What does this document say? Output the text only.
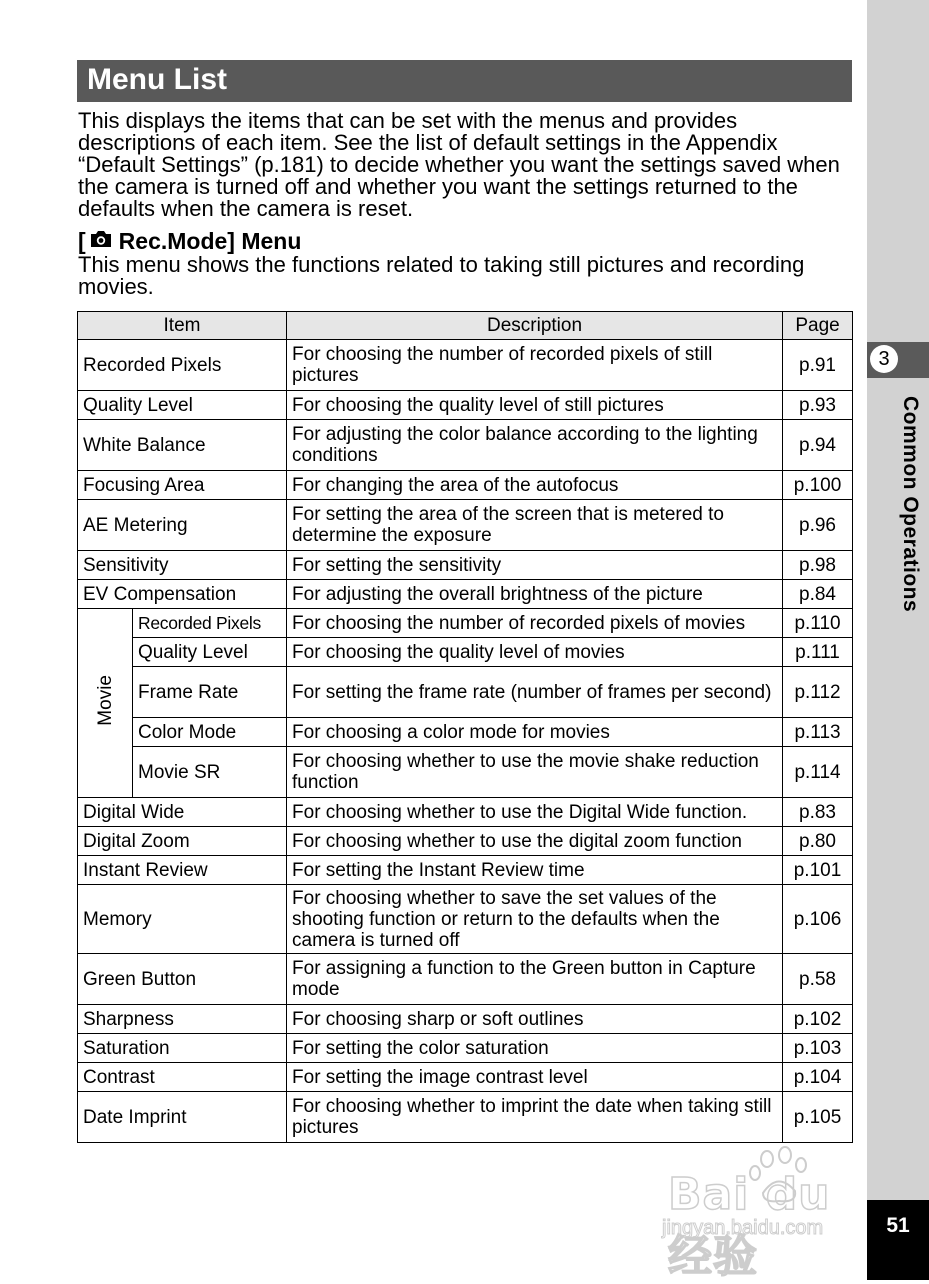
3
Common Operations
51
Bai du 经验
jingyan.baidu.com
Menu List

This displays the items that can be set with the menus and provides descriptions of each item. See the list of default settings in the Appendix “Default Settings” (p.181) to decide whether you want the settings saved when the camera is turned off and whether you want the settings returned to the defaults when the camera is reset.

[ Rec.Mode] Menu

This menu shows the functions related to taking still pictures and recording movies.

Item		Description	Page
Recorded Pixels		For choosing the number of recorded pixels of still pictures	p.91
Quality Level		For choosing the quality level of still pictures	p.93
White Balance		For adjusting the color balance according to the lighting conditions	p.94
Focusing Area		For changing the area of the autofocus	p.100
AE Metering		For setting the area of the screen that is metered to determine the exposure	p.96
Sensitivity		For setting the sensitivity	p.98
EV Compensation		For adjusting the overall brightness of the picture	p.84
Movie	Recorded Pixels	For choosing the number of recorded pixels of movies	p.110
	Quality Level	For choosing the quality level of movies	p.111
	Frame Rate	For setting the frame rate (number of frames per second)	p.112
	Color Mode	For choosing a color mode for movies	p.113
	Movie SR	For choosing whether to use the movie shake reduction function	p.114
Digital Wide		For choosing whether to use the Digital Wide function.	p.83
Digital Zoom		For choosing whether to use the digital zoom function	p.80
Instant Review		For setting the Instant Review time	p.101
Memory		For choosing whether to save the set values of the shooting function or return to the defaults when the camera is turned off	p.106
Green Button		For assigning a function to the Green button in Capture mode	p.58
Sharpness		For choosing sharp or soft outlines	p.102
Saturation		For setting the color saturation	p.103
Contrast		For setting the image contrast level	p.104
Date Imprint		For choosing whether to imprint the date when taking still pictures	p.105
